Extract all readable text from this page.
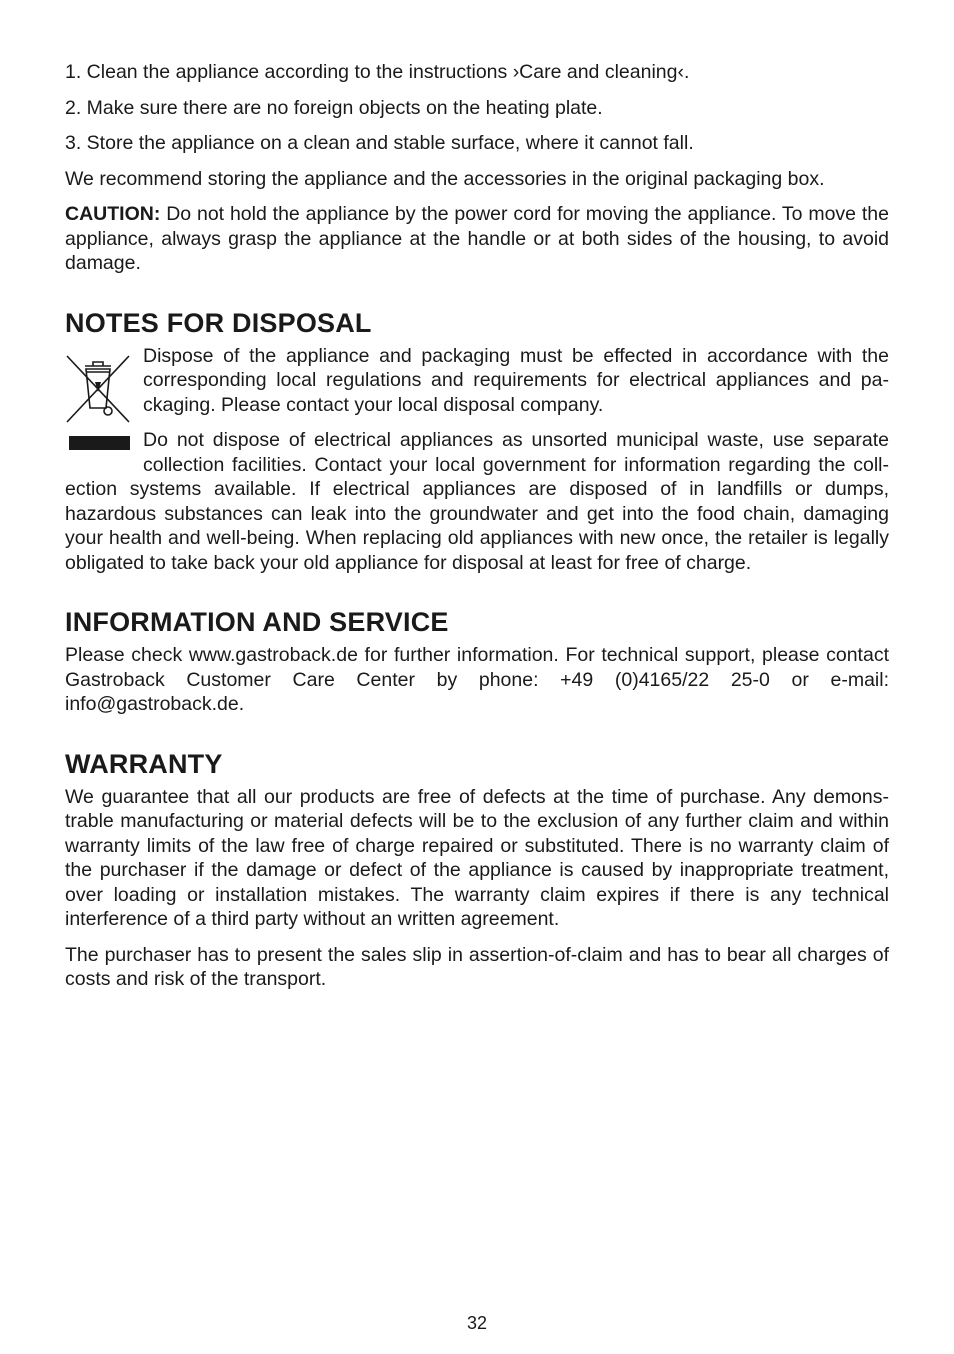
1. Clean the appliance according to the instructions ›Care and cleaning‹.
2. Make sure there are no foreign objects on the heating plate.
3. Store the appliance on a clean and stable surface, where it cannot fall.

We recommend storing the appliance and the accessories in the original packaging box.

CAUTION: Do not hold the appliance by the power cord for moving the appliance. To move the appliance, always grasp the appliance at the handle or at both sides of the housing, to avoid damage.

NOTES FOR DISPOSAL

Dispose of the appliance and packaging must be effected in accordance with the corresponding local regulations and requirements for electrical appliances and packaging. Please contact your local disposal company.

Do not dispose of electrical appliances as unsorted municipal waste, use separate collection facilities. Contact your local government for information regarding the collection systems available. If electrical appliances are disposed of in landfills or dumps, hazardous substances can leak into the groundwater and get into the food chain, damaging your health and well-being. When replacing old appliances with new once, the retailer is legally obligated to take back your old appliance for disposal at least for free of charge.

INFORMATION AND SERVICE

Please check www.gastroback.de for further information. For technical support, please contact Gastroback Customer Care Center by phone: +49 (0)4165/22 25-0 or e-mail: info@gastroback.de.

WARRANTY

We guarantee that all our products are free of defects at the time of purchase. Any demonstrable manufacturing or material defects will be to the exclusion of any further claim and within warranty limits of the law free of charge repaired or substituted. There is no warranty claim of the purchaser if the damage or defect of the appliance is caused by inappropriate treatment, over loading or installation mistakes. The warranty claim expires if there is any technical interference of a third party without an written agreement.

The purchaser has to present the sales slip in assertion-of-claim and has to bear all charges of costs and risk of the transport.

32
